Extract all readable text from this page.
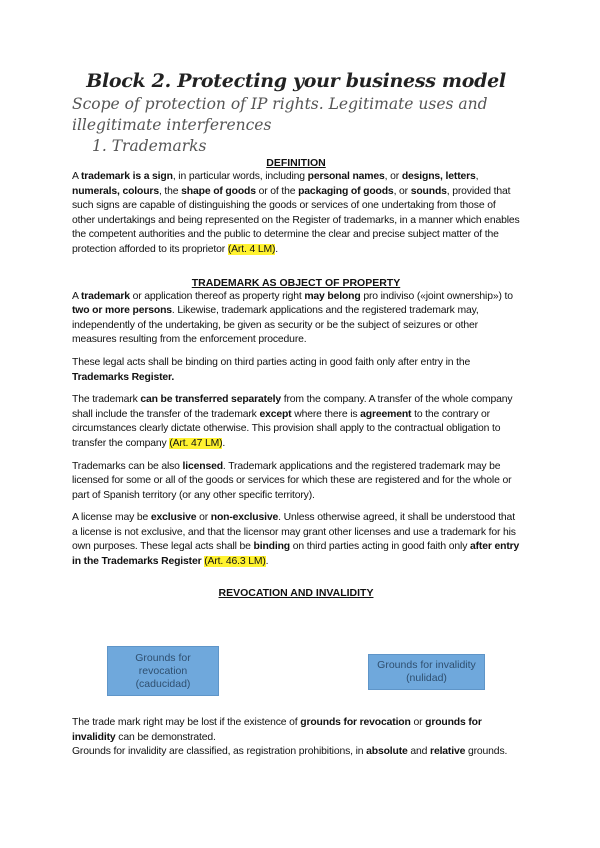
Block 2. Protecting your business model

Scope of protection of IP rights. Legitimate uses and illegitimate interferences

1. Trademarks

DEFINITION

A trademark is a sign, in particular words, including personal names, or designs, letters, numerals, colours, the shape of goods or of the packaging of goods, or sounds, provided that such signs are capable of distinguishing the goods or services of one undertaking from those of other undertakings and being represented on the Register of trademarks, in a manner which enables the competent authorities and the public to determine the clear and precise subject matter of the protection afforded to its proprietor (Art. 4 LM).

TRADEMARK AS OBJECT OF PROPERTY

A trademark or application thereof as property right may belong pro indiviso («joint ownership») to two or more persons. Likewise, trademark applications and the registered trademark may, independently of the undertaking, be given as security or be the subject of seizures or other measures resulting from the enforcement procedure.

These legal acts shall be binding on third parties acting in good faith only after entry in the Trademarks Register.

The trademark can be transferred separately from the company. A transfer of the whole company shall include the transfer of the trademark except where there is agreement to the contrary or circumstances clearly dictate otherwise. This provision shall apply to the contractual obligation to transfer the company (Art. 47 LM).

Trademarks can be also licensed. Trademark applications and the registered trademark may be licensed for some or all of the goods or services for which these are registered and for the whole or part of Spanish territory (or any other specific territory).

A license may be exclusive or non-exclusive. Unless otherwise agreed, it shall be understood that a license is not exclusive, and that the licensor may grant other licenses and use a trademark for his own purposes. These legal acts shall be binding on third parties acting in good faith only after entry in the Trademarks Register (Art. 46.3 LM).

REVOCATION AND INVALIDITY

Grounds for revocation (caducidad)
Grounds for invalidity (nulidad)

The trade mark right may be lost if the existence of grounds for revocation or grounds for invalidity can be demonstrated.

Grounds for invalidity are classified, as registration prohibitions, in absolute and relative grounds.
